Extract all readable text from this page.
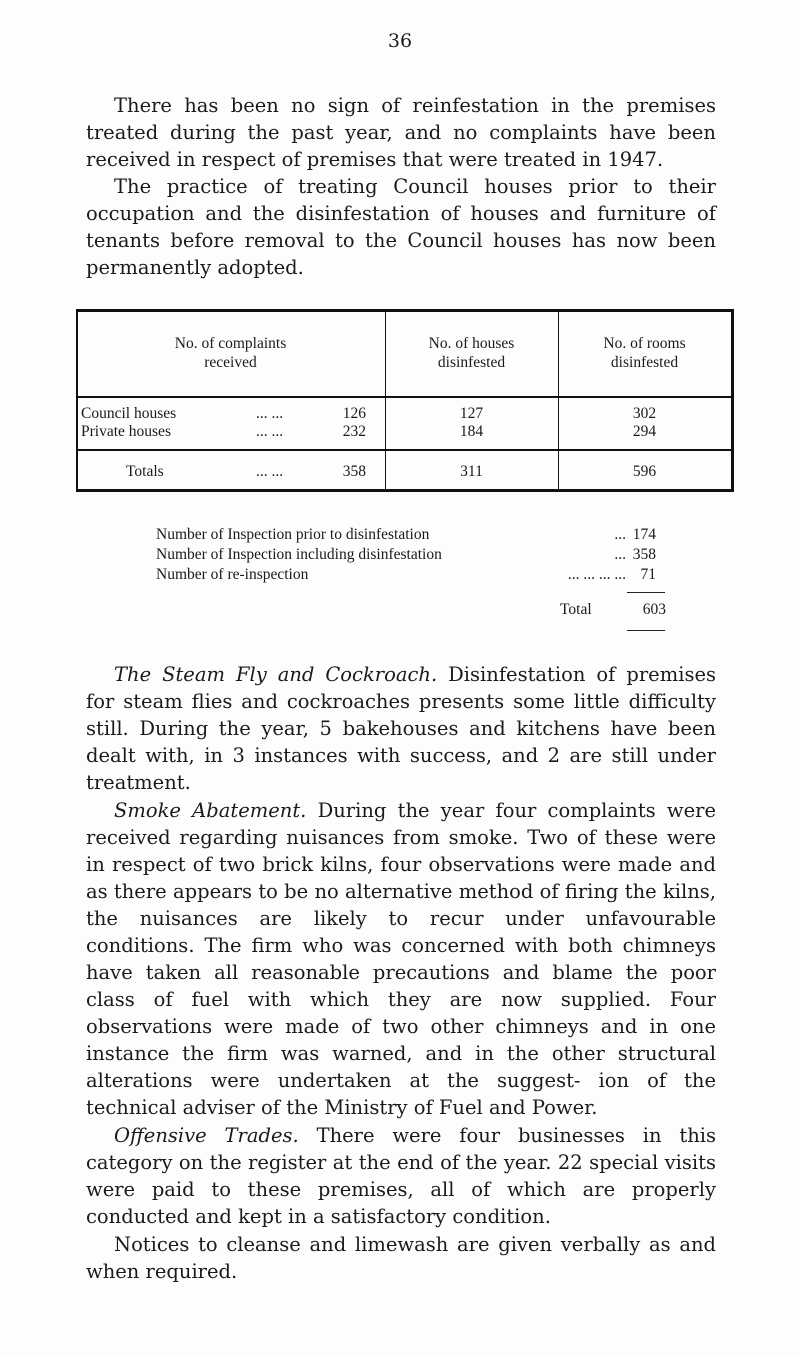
36

There has been no sign of reinfestation in the premises treated during the past year, and no complaints have been received in respect of premises that were treated in 1947.

The practice of treating Council houses prior to their occupation and the disinfestation of houses and furniture of tenants before removal to the Council houses has now been permanently adopted.

No. of complaints
received
No. of houses
disinfested
No. of rooms
disinfested
Council houses	... ...	126	127	302
Private houses	... ...	232	184	294
Totals	... ...	358	311	596
Number of Inspection prior to disinfestation	... 174
Number of Inspection including disinfestation	... 358
Number of re-inspection	... ... ... ... 71
Total	603

The Steam Fly and Cockroach. Disinfestation of premises for steam flies and cockroaches presents some little difficulty still. During the year, 5 bakehouses and kitchens have been dealt with, in 3 instances with success, and 2 are still under treatment.

Smoke Abatement. During the year four complaints were received regarding nuisances from smoke. Two of these were in respect of two brick kilns, four observations were made and as there appears to be no alternative method of firing the kilns, the nuisances are likely to recur under unfavourable conditions. The firm who was concerned with both chimneys have taken all reasonable precautions and blame the poor class of fuel with which they are now supplied. Four observations were made of two other chimneys and in one instance the firm was warned, and in the other structural alterations were undertaken at the suggest- ion of the technical adviser of the Ministry of Fuel and Power.

Offensive Trades. There were four businesses in this category on the register at the end of the year. 22 special visits were paid to these premises, all of which are properly conducted and kept in a satisfactory condition.

Notices to cleanse and limewash are given verbally as and when required.
